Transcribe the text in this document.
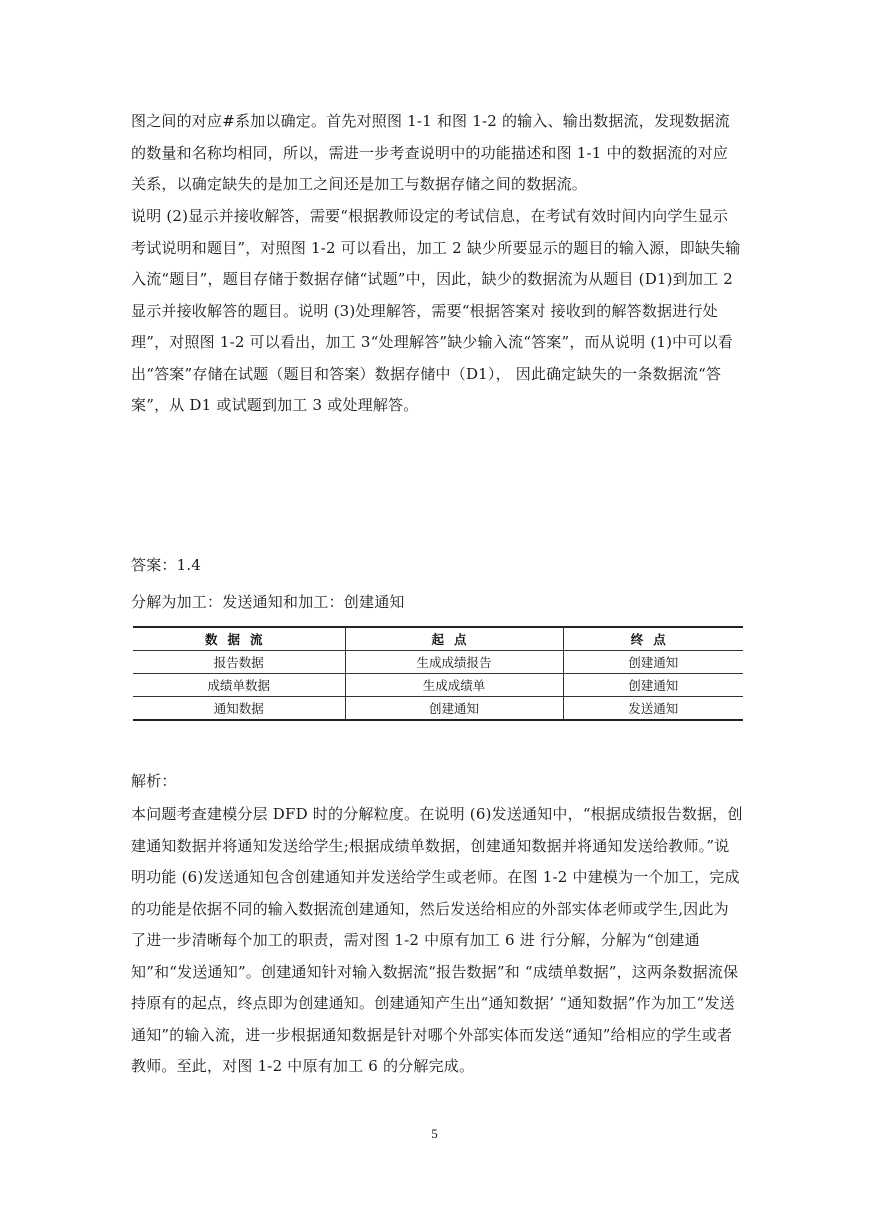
图之间的对应#系加以确定。首先对照图 1-1 和图 1-2 的输入、输出数据流，发现数据流的数量和名称均相同，所以，需进一步考查说明中的功能描述和图 1-1 中的数据流的对应关系，以确定缺失的是加工之间还是加工与数据存储之间的数据流。

说明 (2)显示并接收解答，需要“根据教师设定的考试信息，在考试有效时间内向学生显示考试说明和题目”，对照图 1-2 可以看出，加工 2 缺少所要显示的题目的输入源，即缺失输入流“题目”，题目存储于数据存储“试题”中，因此，缺少的数据流为从题目 (D1)到加工 2 显示并接收解答的题目。说明 (3)处理解答，需要“根据答案对 接收到的解答数据进行处理”，对照图 1-2 可以看出，加工 3“处理解答”缺少输入流“答案”，而从说明 (1)中可以看出“答案”存储在试题（题目和答案）数据存储中（D1）， 因此确定缺失的一条数据流“答案”，从 D1 或试题到加工 3 或处理解答。

答案：1.4

分解为加工：发送通知和加工：创建通知

数据流	起点	终点
报告数据	生成成绩报告	创建通知
成绩单数据	生成成绩单	创建通知
通知数据	创建通知	发送通知

解析：

本问题考查建模分层 DFD 时的分解粒度。在说明 (6)发送通知中，“根据成绩报告数据，创建通知数据并将通知发送给学生;根据成绩单数据，创建通知数据并将通知发送给教师。”说明功能 (6)发送通知包含创建通知并发送给学生或老师。在图 1-2 中建模为一个加工，完成的功能是依据不同的输入数据流创建通知，然后发送给相应的外部实体老师或学生,因此为了进一步清晰每个加工的职责，需对图 1-2 中原有加工 6 进 行分解，分解为“创建通知”和“发送通知”。创建通知针对输入数据流“报告数据”和 “成绩单数据”，这两条数据流保持原有的起点，终点即为创建通知。创建通知产生出“通知数据’ “通知数据”作为加工“发送通知”的输入流，进一步根据通知数据是针对哪个外部实体而发送“通知”给相应的学生或者教师。至此，对图 1-2 中原有加工 6 的分解完成。

5
